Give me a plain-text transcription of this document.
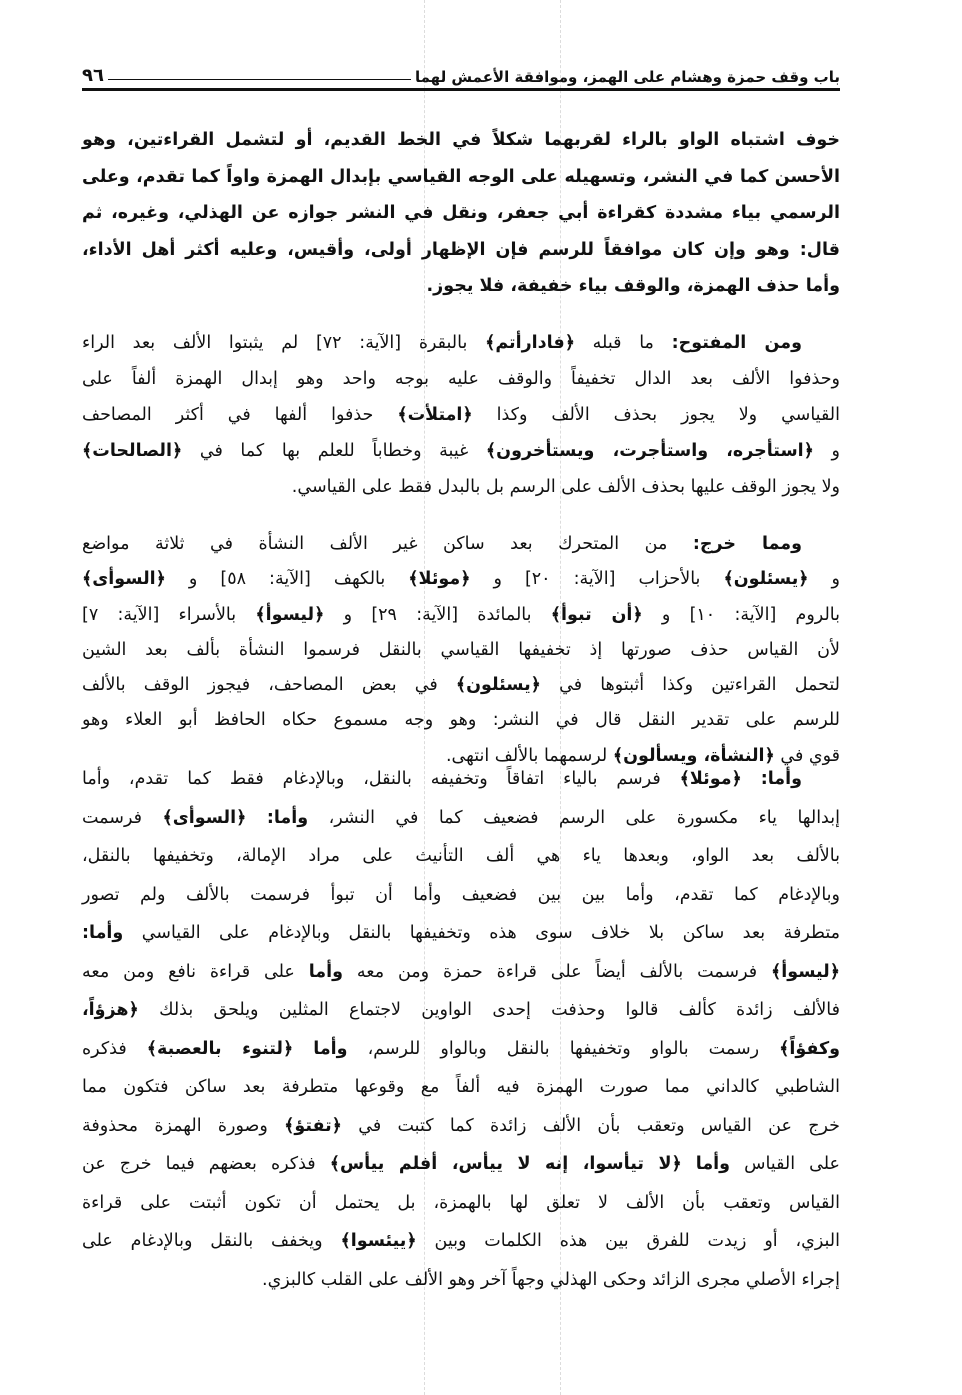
باب وقف حمزة وهشام على الهمز، وموافقة الأعمش لهما
٩٦
خوف اشتباه الواو بالراء لقربهما شكلاً في الخط القديم، أو لتشمل القراءتين، وهو
الأحسن كما في النشر، وتسهيله على الوجه القياسي بإبدال الهمزة واواً كما تقدم، وعلى
الرسمي بياء مشددة كقراءة أبي جعفر، ونقل في النشر جوازه عن الهذلي، وغيره، ثم
قال: وهو وإن كان موافقاً للرسم فإن الإظهار أولى، وأقيس، وعليه أكثر أهل الأداء،
وأما حذف الهمزة، والوقف بياء خفيفة، فلا يجوز.
ومن المفتوح: ما قبله ﴿فادارأتم﴾ بالبقرة [الآية: ٧٢] لم يثبتوا الألف بعد الراء
وحذفوا الألف بعد الدال تخفيفاً والوقف عليه بوجه واحد وهو إبدال الهمزة ألفاً على
القياسي ولا يجوز بحذف الألف وكذا ﴿امتلأت﴾ حذفوا ألفها في أكثر المصاحف
و ﴿استأجره، واستأجرت، ويستأخرون﴾ غيبة وخطاباً للعلم بها كما في ﴿الصالحات﴾
ولا يجوز الوقف عليها بحذف الألف على الرسم بل بالبدل فقط على القياسي.
ومما خرج: من المتحرك بعد ساكن غير الألف النشأة في ثلاثة مواضع
و ﴿يسئلون﴾ بالأحزاب [الآية: ٢٠] و ﴿موئلا﴾ بالكهف [الآية: ٥٨] و ﴿السوأى﴾
بالروم [الآية: ١٠] و ﴿أن تبوأ﴾ بالمائدة [الآية: ٢٩] و ﴿ليسوأ﴾ بالأسراء [الآية: ٧]
لأن القياس حذف صورتها إذ تخفيفها القياسي بالنقل فرسموا النشأة بألف بعد الشين
لتحمل القراءتين وكذا أثبتوها في ﴿يسئلون﴾ في بعض المصاحف، فيجوز الوقف بالألف
للرسم على تقدير النقل قال في النشر: وهو وجه مسموع حكاه الحافظ أبو العلاء وهو
قوي في ﴿النشأة، ويسألون﴾ لرسمهما بالألف انتهى.
وأما: ﴿موئلا﴾ فرسم بالياء اتفاقاً وتخفيفه بالنقل، وبالإدغام فقط كما تقدم، وأما
إبدالها ياء مكسورة على الرسم فضعيف كما في النشر، وأما: ﴿السوأى﴾ فرسمت
بالألف بعد الواو، وبعدها ياء هي ألف التأنيث على مراد الإمالة، وتخفيفها بالنقل،
وبالإدغام كما تقدم، وأما بين بين فضعيف وأما أن تبوأ فرسمت بالألف ولم تصور
متطرفة بعد ساكن بلا خلاف سوى هذه وتخفيفها بالنقل وبالإدغام على القياسي وأما:
﴿ليسوأ﴾ فرسمت بالألف أيضاً على قراءة حمزة ومن معه وأما على قراءة نافع ومن معه
فالألف زائدة كألف قالوا وحذفت إحدى الواوين لاجتماع المثلين ويلحق بذلك ﴿هزؤاً،
وكفؤاً﴾ رسمت بالواو وتخفيفها بالنقل وبالواو للرسم، وأما ﴿لتنوء بالعصبة﴾ فذكره
الشاطبي كالداني مما صورت الهمزة فيه ألفاً مع وقوعها متطرفة بعد ساكن فتكون مما
خرج عن القياس وتعقب بأن الألف زائدة كما كتبت في ﴿تفتؤ﴾ وصورة الهمزة محذوفة
على القياس وأما ﴿لا تيأسوا، إنه لا ييأس، أفلم ييأس﴾ فذكره بعضهم فيما خرج عن
القياس وتعقب بأن الألف لا تعلق لها بالهمزة، بل يحتمل أن تكون أثبتت على قراءة
البزي، أو زيدت للفرق بين هذه الكلمات وبين ﴿ييئسوا﴾ ويخفف بالنقل وبالإدغام على
إجراء الأصلي مجرى الزائد وحكى الهذلي وجهاً آخر وهو الألف على القلب كالبزي.
